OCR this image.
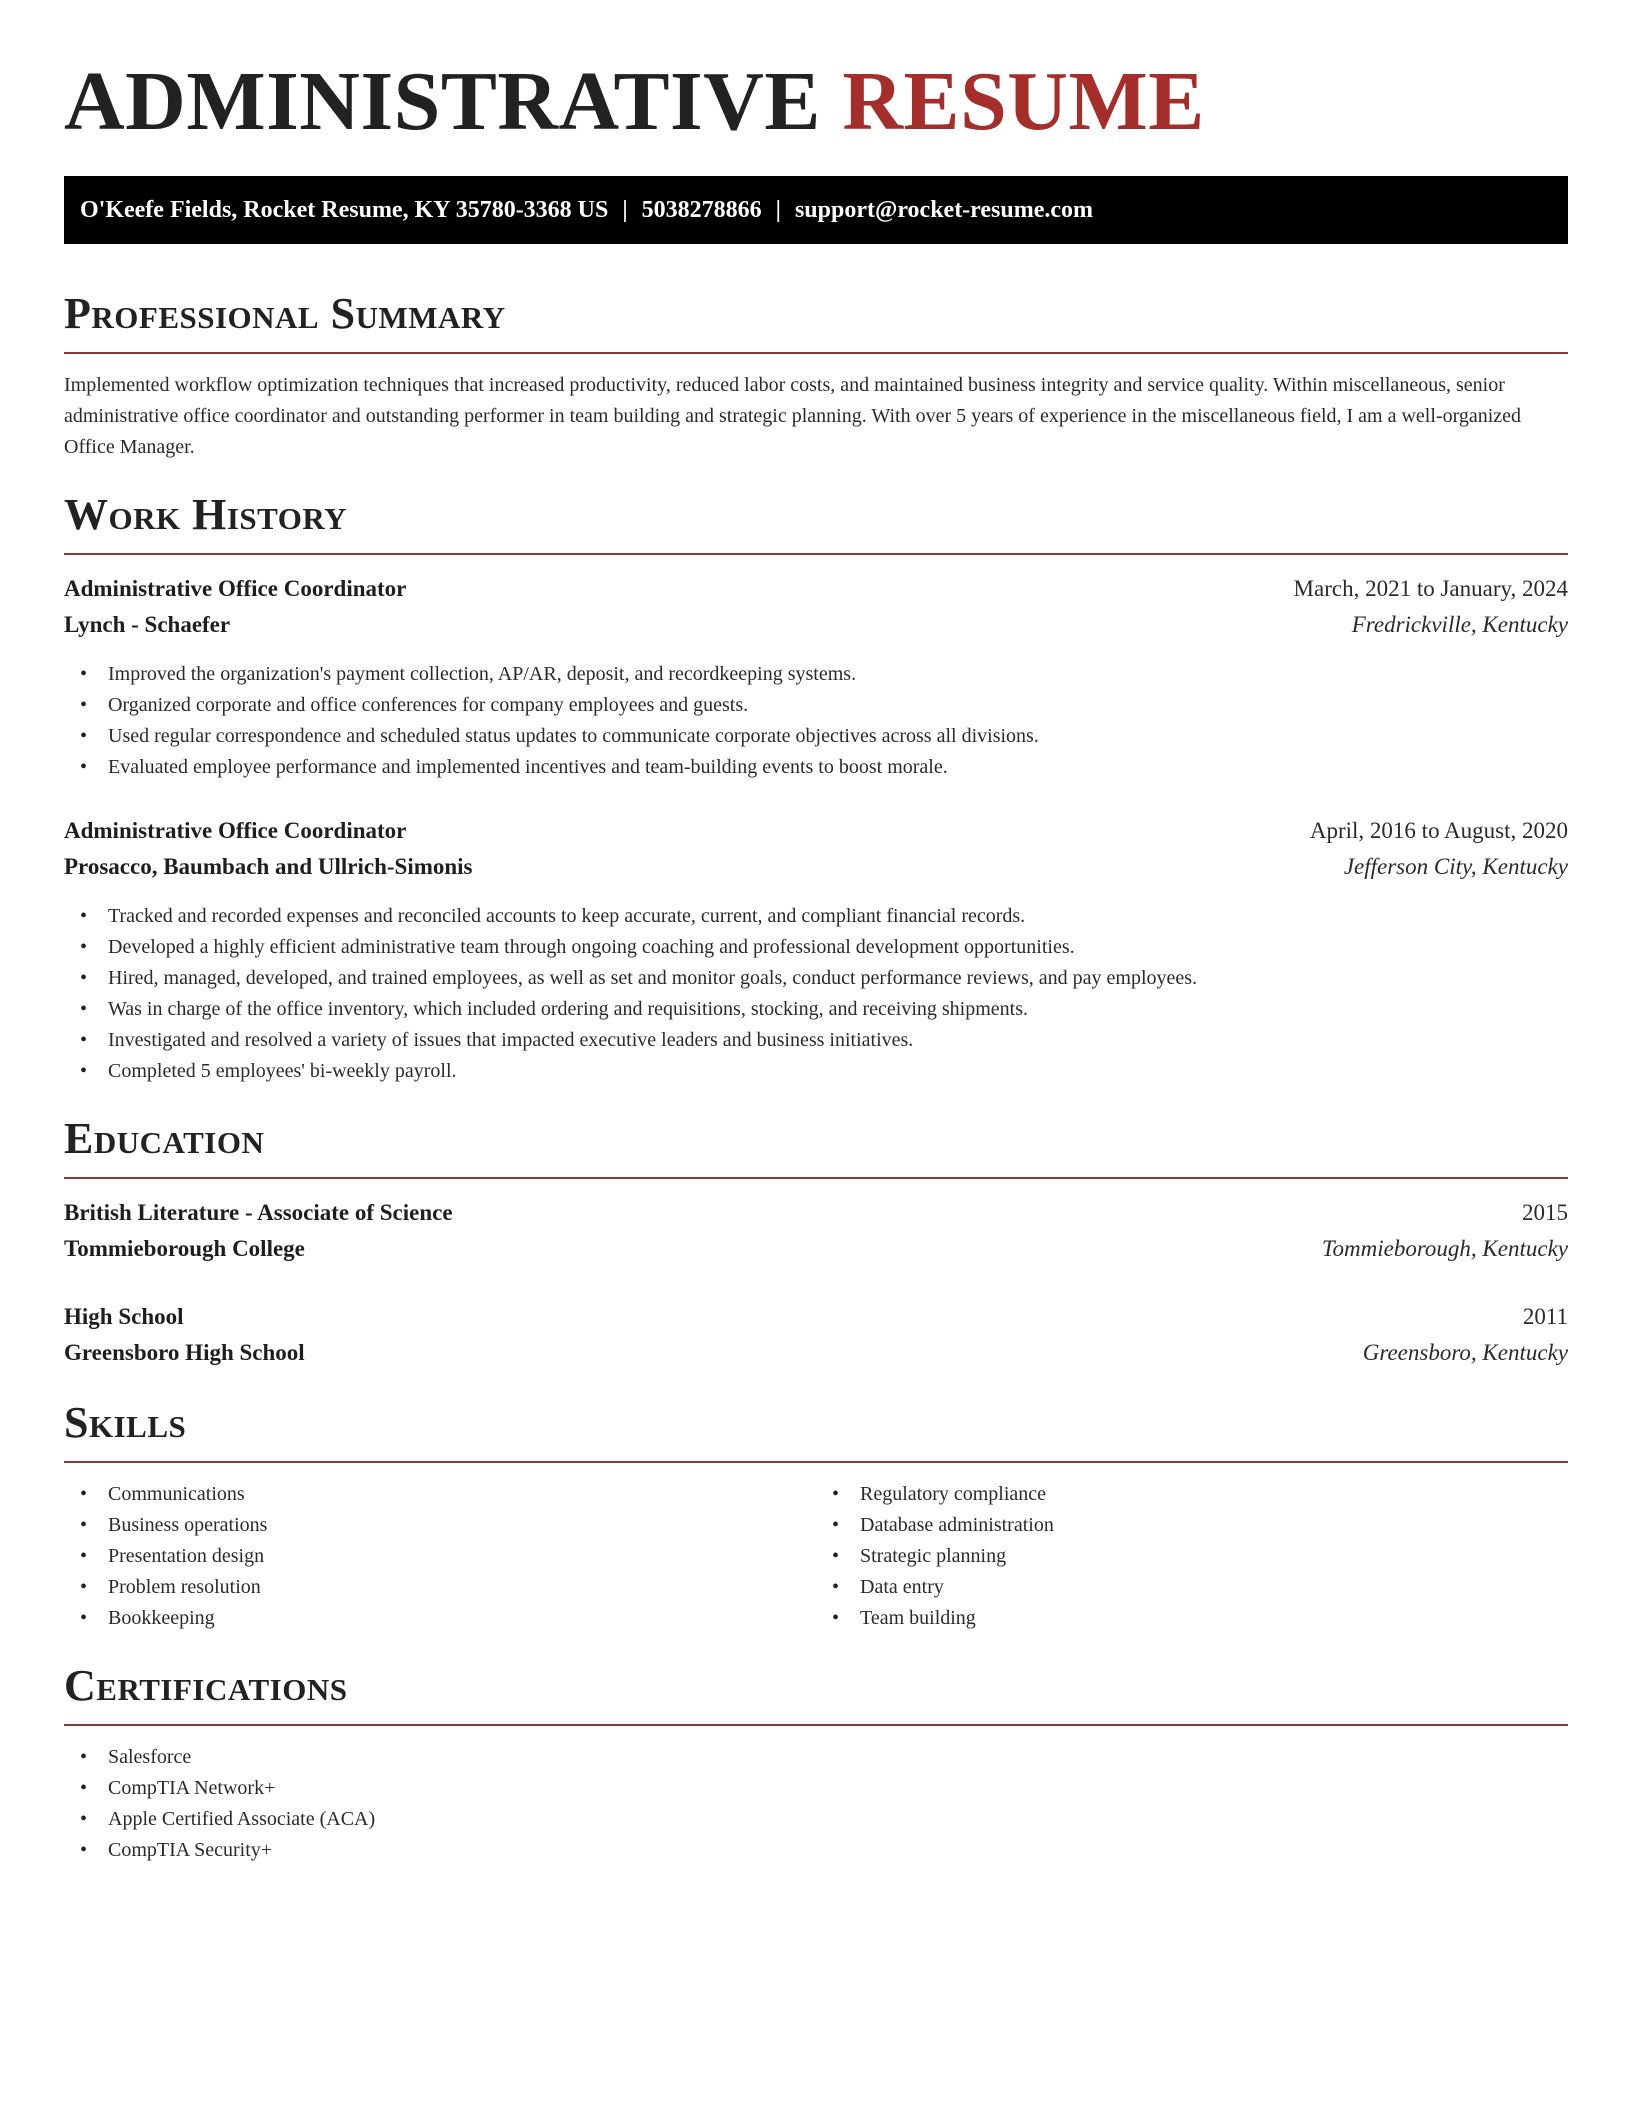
ADMINISTRATIVE RESUME
O'Keefe Fields, Rocket Resume, KY 35780-3368 US | 5038278866 | support@rocket-resume.com
Professional Summary

Implemented workflow optimization techniques that increased productivity, reduced labor costs, and maintained business integrity and service quality. Within miscellaneous, senior administrative office coordinator and outstanding performer in team building and strategic planning. With over 5 years of experience in the miscellaneous field, I am a well-organized Office Manager.

Work History
Administrative Office Coordinator	March, 2021 to January, 2024
Lynch - Schaefer	Fredrickville, Kentucky
• Improved the organization's payment collection, AP/AR, deposit, and recordkeeping systems.
• Organized corporate and office conferences for company employees and guests.
• Used regular correspondence and scheduled status updates to communicate corporate objectives across all divisions.
• Evaluated employee performance and implemented incentives and team-building events to boost morale.
Administrative Office Coordinator	April, 2016 to August, 2020
Prosacco, Baumbach and Ullrich-Simonis	Jefferson City, Kentucky
• Tracked and recorded expenses and reconciled accounts to keep accurate, current, and compliant financial records.
• Developed a highly efficient administrative team through ongoing coaching and professional development opportunities.
• Hired, managed, developed, and trained employees, as well as set and monitor goals, conduct performance reviews, and pay employees.
• Was in charge of the office inventory, which included ordering and requisitions, stocking, and receiving shipments.
• Investigated and resolved a variety of issues that impacted executive leaders and business initiatives.
• Completed 5 employees' bi-weekly payroll.
Education
British Literature - Associate of Science	2015
Tommieborough College	Tommieborough, Kentucky
High School	2011
Greensboro High School	Greensboro, Kentucky
Skills
• Communications
• Business operations
• Presentation design
• Problem resolution
• Bookkeeping
• Regulatory compliance
• Database administration
• Strategic planning
• Data entry
• Team building
Certifications
• Salesforce
• CompTIA Network+
• Apple Certified Associate (ACA)
• CompTIA Security+
